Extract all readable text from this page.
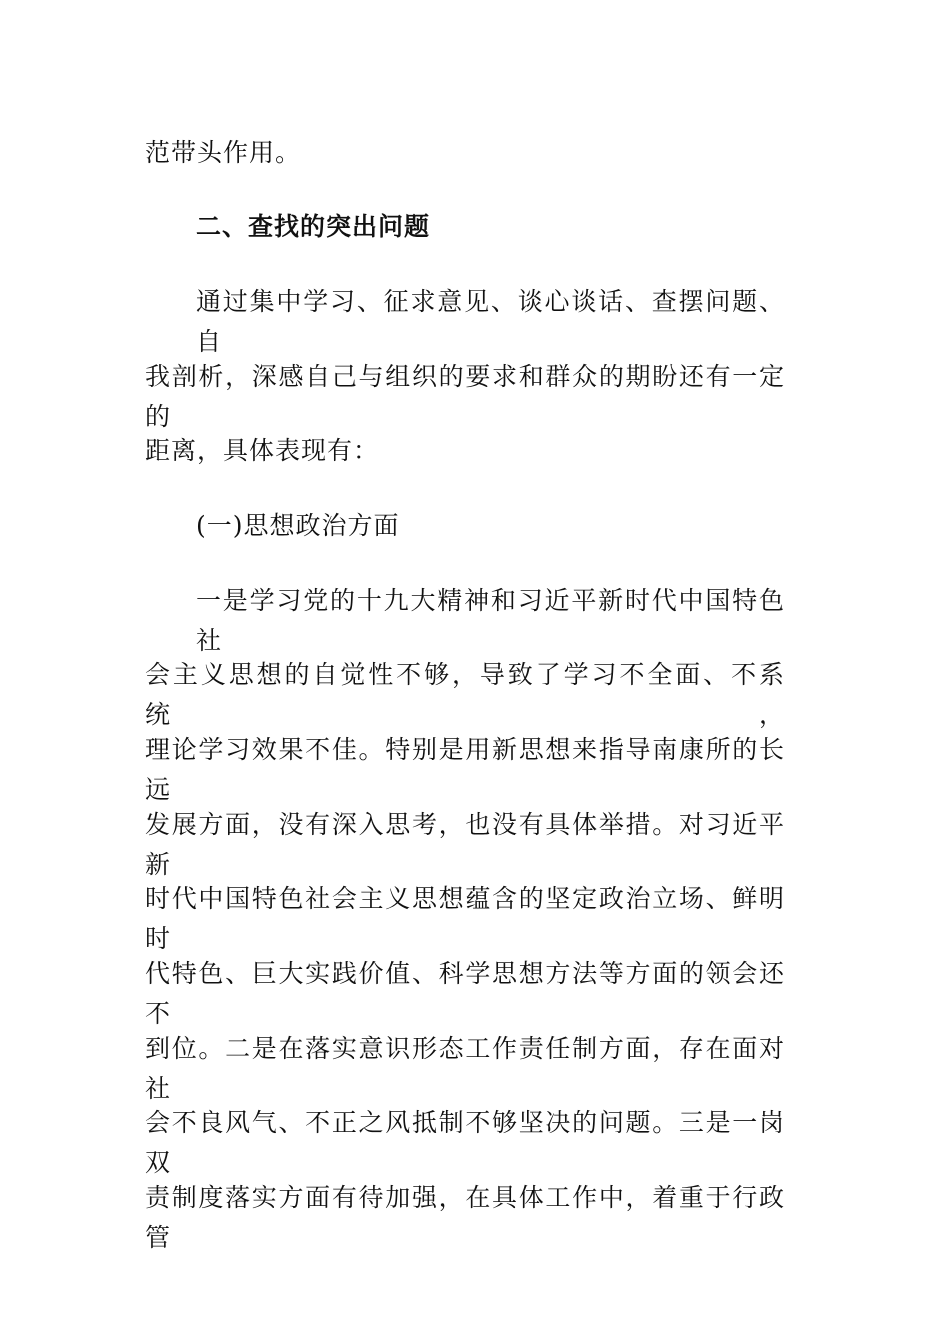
范带头作用。
二、查找的突出问题
通过集中学习、征求意见、谈心谈话、查摆问题、自
我剖析，深感自己与组织的要求和群众的期盼还有一定的
距离，具体表现有：
(一)思想政治方面
一是学习党的十九大精神和习近平新时代中国特色社
会主义思想的自觉性不够，导致了学习不全面、不系统，
理论学习效果不佳。特别是用新思想来指导南康所的长远
发展方面，没有深入思考，也没有具体举措。对习近平新
时代中国特色社会主义思想蕴含的坚定政治立场、鲜明时
代特色、巨大实践价值、科学思想方法等方面的领会还不
到位。二是在落实意识形态工作责任制方面，存在面对社
会不良风气、不正之风抵制不够坚决的问题。三是一岗双
责制度落实方面有待加强，在具体工作中，着重于行政管
